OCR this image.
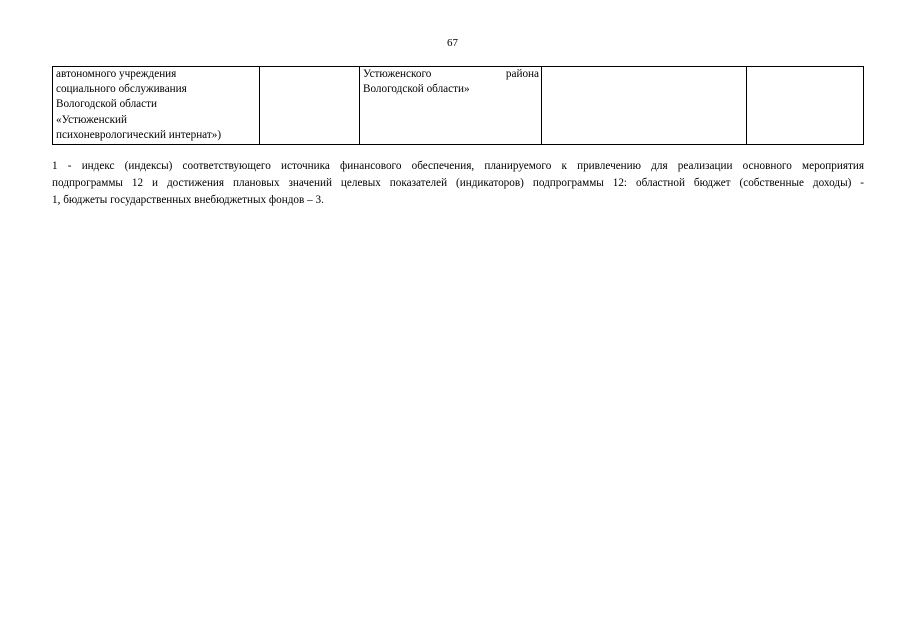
67
автономного учреждения
социального обслуживания
Вологодской области
«Устюженский
психоневрологический интернат»)

Устюженского	района
Вологодской области»

1 - индекс (индексы) соответствующего источника финансового обеспечения, планируемого к привлечению для реализации основного мероприятия
подпрограммы 12 и достижения плановых значений целевых показателей (индикаторов) подпрограммы 12: областной бюджет (собственные доходы) -
1, бюджеты государственных внебюджетных фондов – 3.
